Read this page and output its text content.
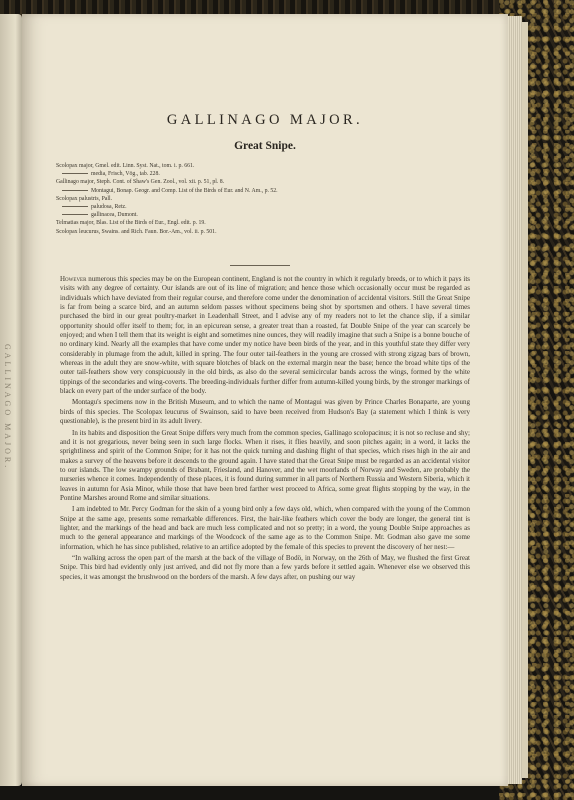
GALLINAGO MAJOR.
GALLINAGO MAJOR.
Great Snipe.
Scolopax major, Gmel. edit. Linn. Syst. Nat., tom. i. p. 661.
media, Frisch, Vög., tab. 228.
Gallinago major, Steph. Cont. of Shaw's Gen. Zool., vol. xii. p. 51, pl. 8.
Montagui, Bonap. Geogr. and Comp. List of the Birds of Eur. and N. Am., p. 52.
Scolopax palustris, Pall.
paludosa, Retz.
gallinacea, Dumont.
Telmatias major, Blas. List of the Birds of Eur., Engl. edit. p. 19.
Scolopax leucurus, Swains. and Rich. Faun. Bor.-Am., vol. ii. p. 501.

However numerous this species may be on the European continent, England is not the country in which it regularly breeds, or to which it pays its visits with any degree of certainty. Our islands are out of its line of migration; and hence those which occasionally occur must be regarded as individuals which have deviated from their regular course, and therefore come under the denomination of accidental visitors. Still the Great Snipe is far from being a scarce bird, and an autumn seldom passes without specimens being shot by sportsmen and others. I have several times purchased the bird in our great poultry-market in Leadenhall Street, and I advise any of my readers not to let the chance slip, if a similar opportunity should offer itself to them; for, in an epicurean sense, a greater treat than a roasted, fat Double Snipe of the year can scarcely be enjoyed; and when I tell them that its weight is eight and sometimes nine ounces, they will readily imagine that such a Snipe is a bonne bouche of no ordinary kind. Nearly all the examples that have come under my notice have been birds of the year, and in this youthful state they differ very considerably in plumage from the adult, killed in spring. The four outer tail-feathers in the young are crossed with strong zigzag bars of brown, whereas in the adult they are snow-white, with square blotches of black on the external margin near the base; hence the broad white tips of the outer tail-feathers show very conspicuously in the old birds, as also do the several semicircular bands across the wings, formed by the white tippings of the secondaries and wing-coverts. The breeding-individuals further differ from autumn-killed young birds, by the stronger markings of black on every part of the under surface of the body.

Montagu's specimens now in the British Museum, and to which the name of Montagui was given by Prince Charles Bonaparte, are young birds of this species. The Scolopax leucurus of Swainson, said to have been received from Hudson's Bay (a statement which I think is very questionable), is the present bird in its adult livery.

In its habits and disposition the Great Snipe differs very much from the common species, Gallinago scolopacinus; it is not so recluse and shy; and it is not gregarious, never being seen in such large flocks. When it rises, it flies heavily, and soon pitches again; in a word, it lacks the sprightliness and spirit of the Common Snipe; for it has not the quick turning and dashing flight of that species, which rises high in the air and makes a survey of the heavens before it descends to the ground again. I have stated that the Great Snipe must be regarded as an accidental visitor to our islands. The low swampy grounds of Brabant, Friesland, and Hanover, and the wet moorlands of Norway and Sweden, are probably the nurseries whence it comes. Independently of these places, it is found during summer in all parts of Northern Russia and Western Siberia, which it leaves in autumn for Asia Minor, while those that have been bred farther west proceed to Africa, some great flights stopping by the way, in the Pontine Marshes around Rome and similar situations.

I am indebted to Mr. Percy Godman for the skin of a young bird only a few days old, which, when compared with the young of the Common Snipe at the same age, presents some remarkable differences. First, the hair-like feathers which cover the body are longer, the general tint is lighter, and the markings of the head and back are much less complicated and not so pretty; in a word, the young Double Snipe approaches as much to the general appearance and markings of the Woodcock of the same age as to the Common Snipe. Mr. Godman also gave me some information, which he has since published, relative to an artifice adopted by the female of this species to prevent the discovery of her nest:—

“In walking across the open part of the marsh at the back of the village of Bodö, in Norway, on the 26th of May, we flushed the first Great Snipe. This bird had evidently only just arrived, and did not fly more than a few yards before it settled again. Whenever else we observed this species, it was amongst the brushwood on the borders of the marsh. A few days after, on pushing our way
